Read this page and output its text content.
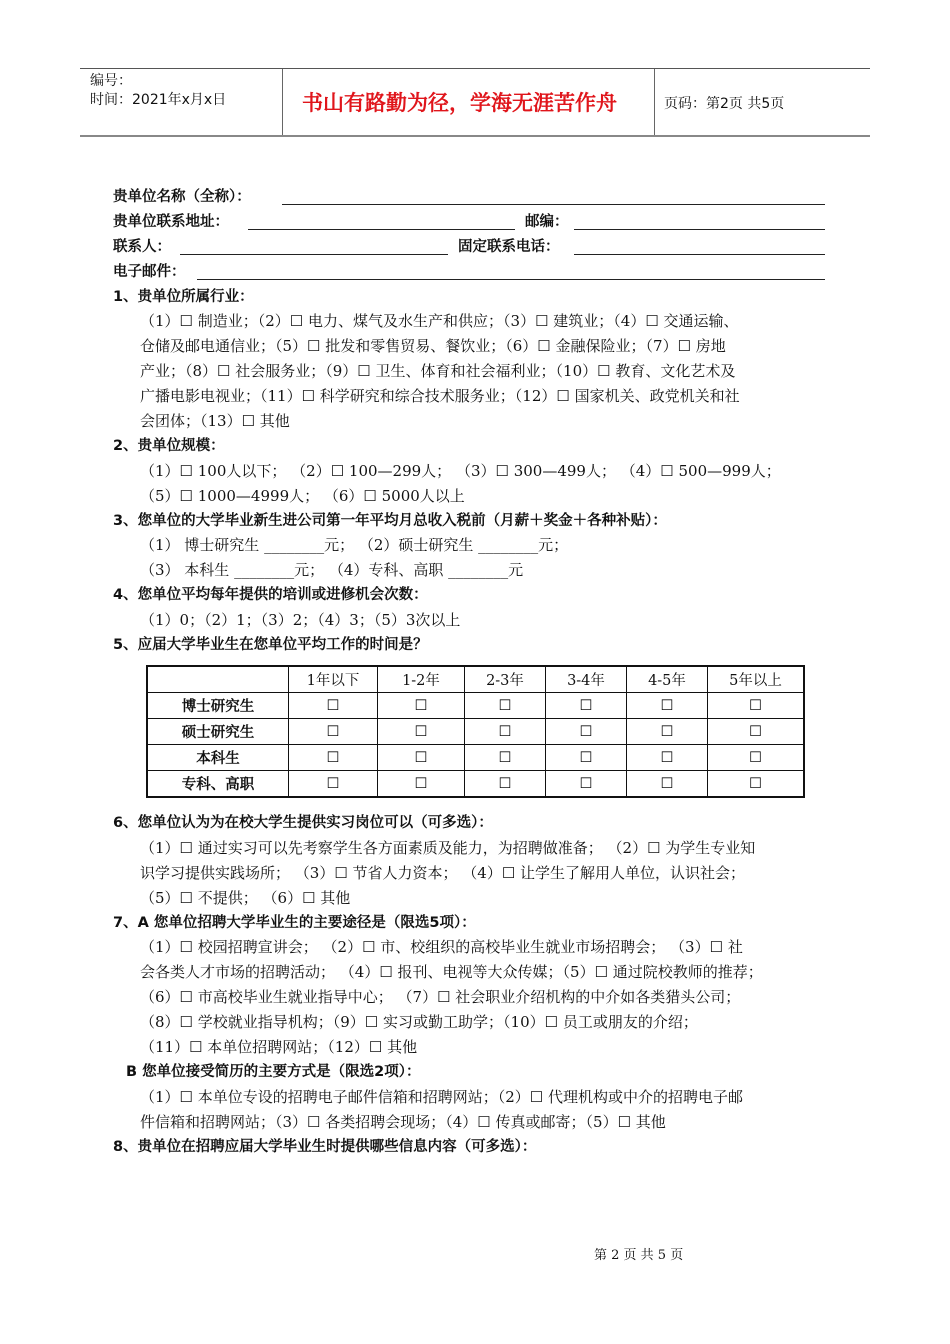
编号：
时间：2021年x月x日	书山有路勤为径，学海无涯苦作舟	页码：第2页 共5页
贵单位名称（全称）：
贵单位联系地址：	邮编：
联系人：	固定联系电话：
电子邮件：
1、贵单位所属行业：
（1）☐ 制造业；（2）☐ 电力、煤气及水生产和供应；（3）☐ 建筑业；（4）☐ 交通运输、
仓储及邮电通信业；（5）☐ 批发和零售贸易、餐饮业；（6）☐ 金融保险业；（7）☐ 房地
产业；（8）☐ 社会服务业；（9）☐ 卫生、体育和社会福利业；（10）☐ 教育、文化艺术及
广播电影电视业；（11）☐ 科学研究和综合技术服务业；（12）☐ 国家机关、政党机关和社
会团体；（13）☐ 其他
2、贵单位规模：
（1）☐ 100人以下； （2）☐ 100—299人； （3）☐ 300—499人； （4）☐ 500—999人；
（5）☐ 1000—4999人； （6）☐ 5000人以上
3、您单位的大学毕业新生进公司第一年平均月总收入税前（月薪＋奖金＋各种补贴）：
（1） 博士研究生 ________元； （2）硕士研究生 ________元；
（3） 本科生 ________元； （4）专科、高职 ________元
4、您单位平均每年提供的培训或进修机会次数：
（1）0；（2）1；（3）2；（4）3；（5）3次以上
5、应届大学毕业生在您单位平均工作的时间是？
	1年以下	1-2年	2-3年	3-4年	4-5年	5年以上
博士研究生	☐	☐	☐	☐	☐	☐
硕士研究生	☐	☐	☐	☐	☐	☐
本科生	☐	☐	☐	☐	☐	☐
专科、高职	☐	☐	☐	☐	☐	☐
6、您单位认为为在校大学生提供实习岗位可以（可多选）：
（1）☐ 通过实习可以先考察学生各方面素质及能力，为招聘做准备； （2）☐ 为学生专业知
识学习提供实践场所； （3）☐ 节省人力资本； （4）☐ 让学生了解用人单位，认识社会；
（5）☐ 不提供； （6）☐ 其他
7、A 您单位招聘大学毕业生的主要途径是（限选5项）：
（1）☐ 校园招聘宣讲会； （2）☐ 市、校组织的高校毕业生就业市场招聘会； （3）☐ 社
会各类人才市场的招聘活动； （4）☐ 报刊、电视等大众传媒；（5）☐ 通过院校教师的推荐；
（6）☐ 市高校毕业生就业指导中心； （7）☐ 社会职业介绍机构的中介如各类猎头公司；
（8）☐ 学校就业指导机构；（9）☐ 实习或勤工助学；（10）☐ 员工或朋友的介绍；
（11）☐ 本单位招聘网站；（12）☐ 其他
B 您单位接受简历的主要方式是（限选2项）：
（1）☐ 本单位专设的招聘电子邮件信箱和招聘网站；（2）☐ 代理机构或中介的招聘电子邮
件信箱和招聘网站；（3）☐ 各类招聘会现场；（4）☐ 传真或邮寄；（5）☐ 其他
8、贵单位在招聘应届大学毕业生时提供哪些信息内容（可多选）：
第 2 页 共 5 页
